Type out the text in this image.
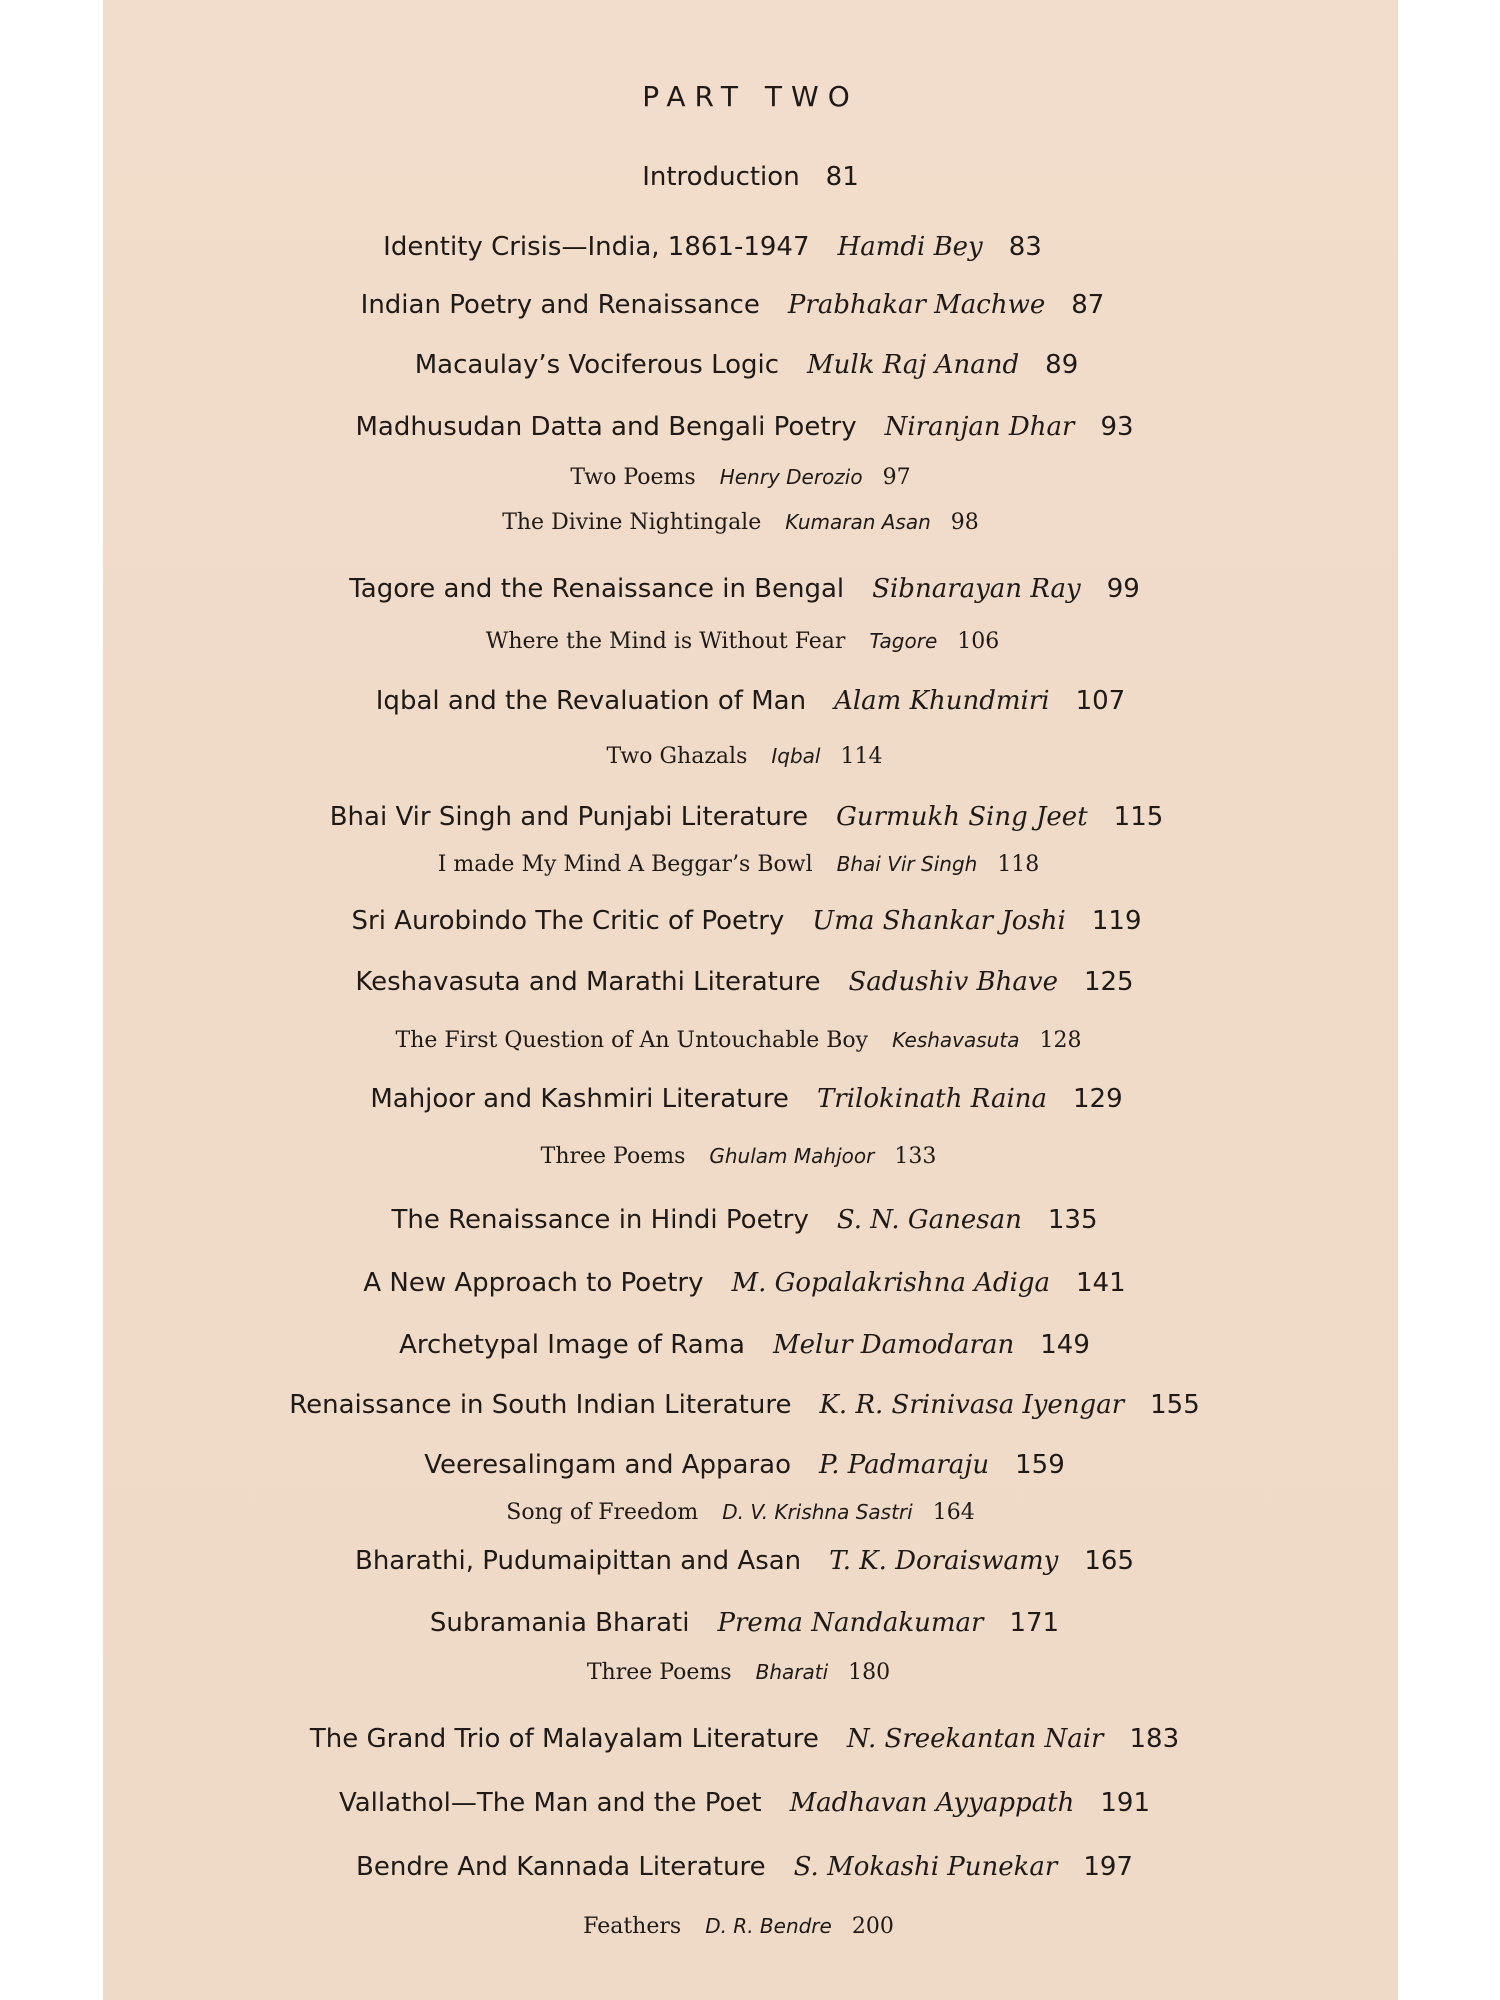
PART TWO
Introduction 81
Identity Crisis—India, 1861-1947 Hamdi Bey 83
Indian Poetry and Renaissance Prabhakar Machwe 87
Macaulay’s Vociferous Logic Mulk Raj Anand 89
Madhusudan Datta and Bengali Poetry Niranjan Dhar 93
Two Poems Henry Derozio 97
The Divine Nightingale Kumaran Asan 98
Tagore and the Renaissance in Bengal Sibnarayan Ray 99
Where the Mind is Without Fear Tagore 106
Iqbal and the Revaluation of Man Alam Khundmiri 107
Two Ghazals Iqbal 114
Bhai Vir Singh and Punjabi Literature Gurmukh Sing Jeet 115
I made My Mind A Beggar’s Bowl Bhai Vir Singh 118
Sri Aurobindo The Critic of Poetry Uma Shankar Joshi 119
Keshavasuta and Marathi Literature Sadushiv Bhave 125
The First Question of An Untouchable Boy Keshavasuta 128
Mahjoor and Kashmiri Literature Trilokinath Raina 129
Three Poems Ghulam Mahjoor 133
The Renaissance in Hindi Poetry S. N. Ganesan 135
A New Approach to Poetry M. Gopalakrishna Adiga 141
Archetypal Image of Rama Melur Damodaran 149
Renaissance in South Indian Literature K. R. Srinivasa Iyengar 155
Veeresalingam and Apparao P. Padmaraju 159
Song of Freedom D. V. Krishna Sastri 164
Bharathi, Pudumaipittan and Asan T. K. Doraiswamy 165
Subramania Bharati Prema Nandakumar 171
Three Poems Bharati 180
The Grand Trio of Malayalam Literature N. Sreekantan Nair 183
Vallathol—The Man and the Poet Madhavan Ayyappath 191
Bendre And Kannada Literature S. Mokashi Punekar 197
Feathers D. R. Bendre 200
